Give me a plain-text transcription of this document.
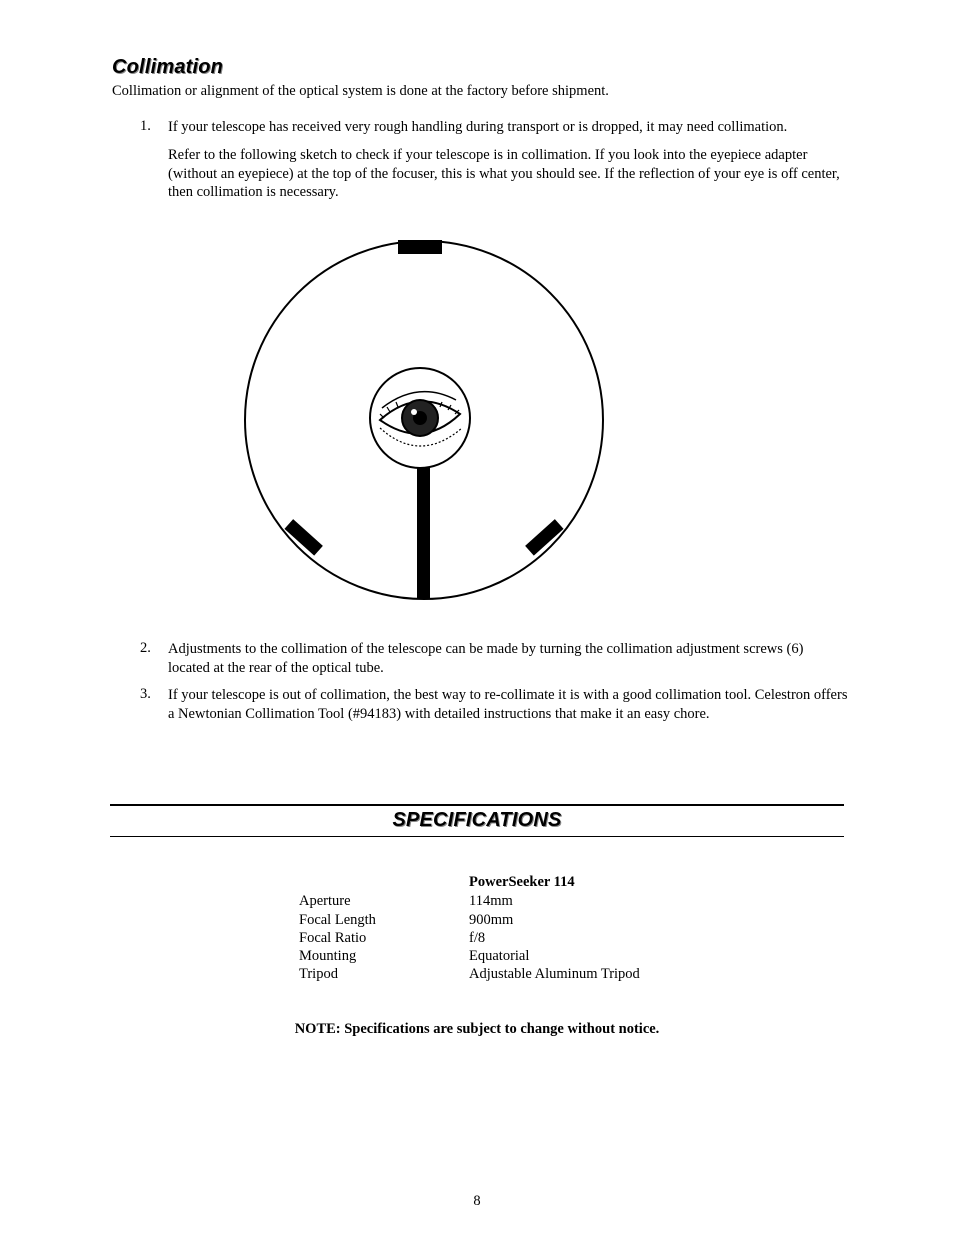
Collimation
Collimation or alignment of the optical system is done at the factory before shipment.
1.	If your telescope has received very rough handling during transport or is dropped, it may need collimation.
Refer to the following sketch to check if your telescope is in collimation. If you look into the eyepiece adapter (without an eyepiece) at the top of the focuser, this is what you should see. If the reflection of your eye is off center, then collimation is necessary.
2.	Adjustments to the collimation of the telescope can be made by turning the collimation adjustment screws (6) located at the rear of the optical tube.
3.	If your telescope is out of collimation, the best way to re-collimate it is with a good collimation tool. Celestron offers a Newtonian Collimation Tool (#94183) with detailed instructions that make it an easy chore.
SPECIFICATIONS
PowerSeeker 114
Aperture	114mm
Focal Length	900mm
Focal Ratio	f/8
Mounting	Equatorial
Tripod	Adjustable Aluminum Tripod
NOTE: Specifications are subject to change without notice.
8
